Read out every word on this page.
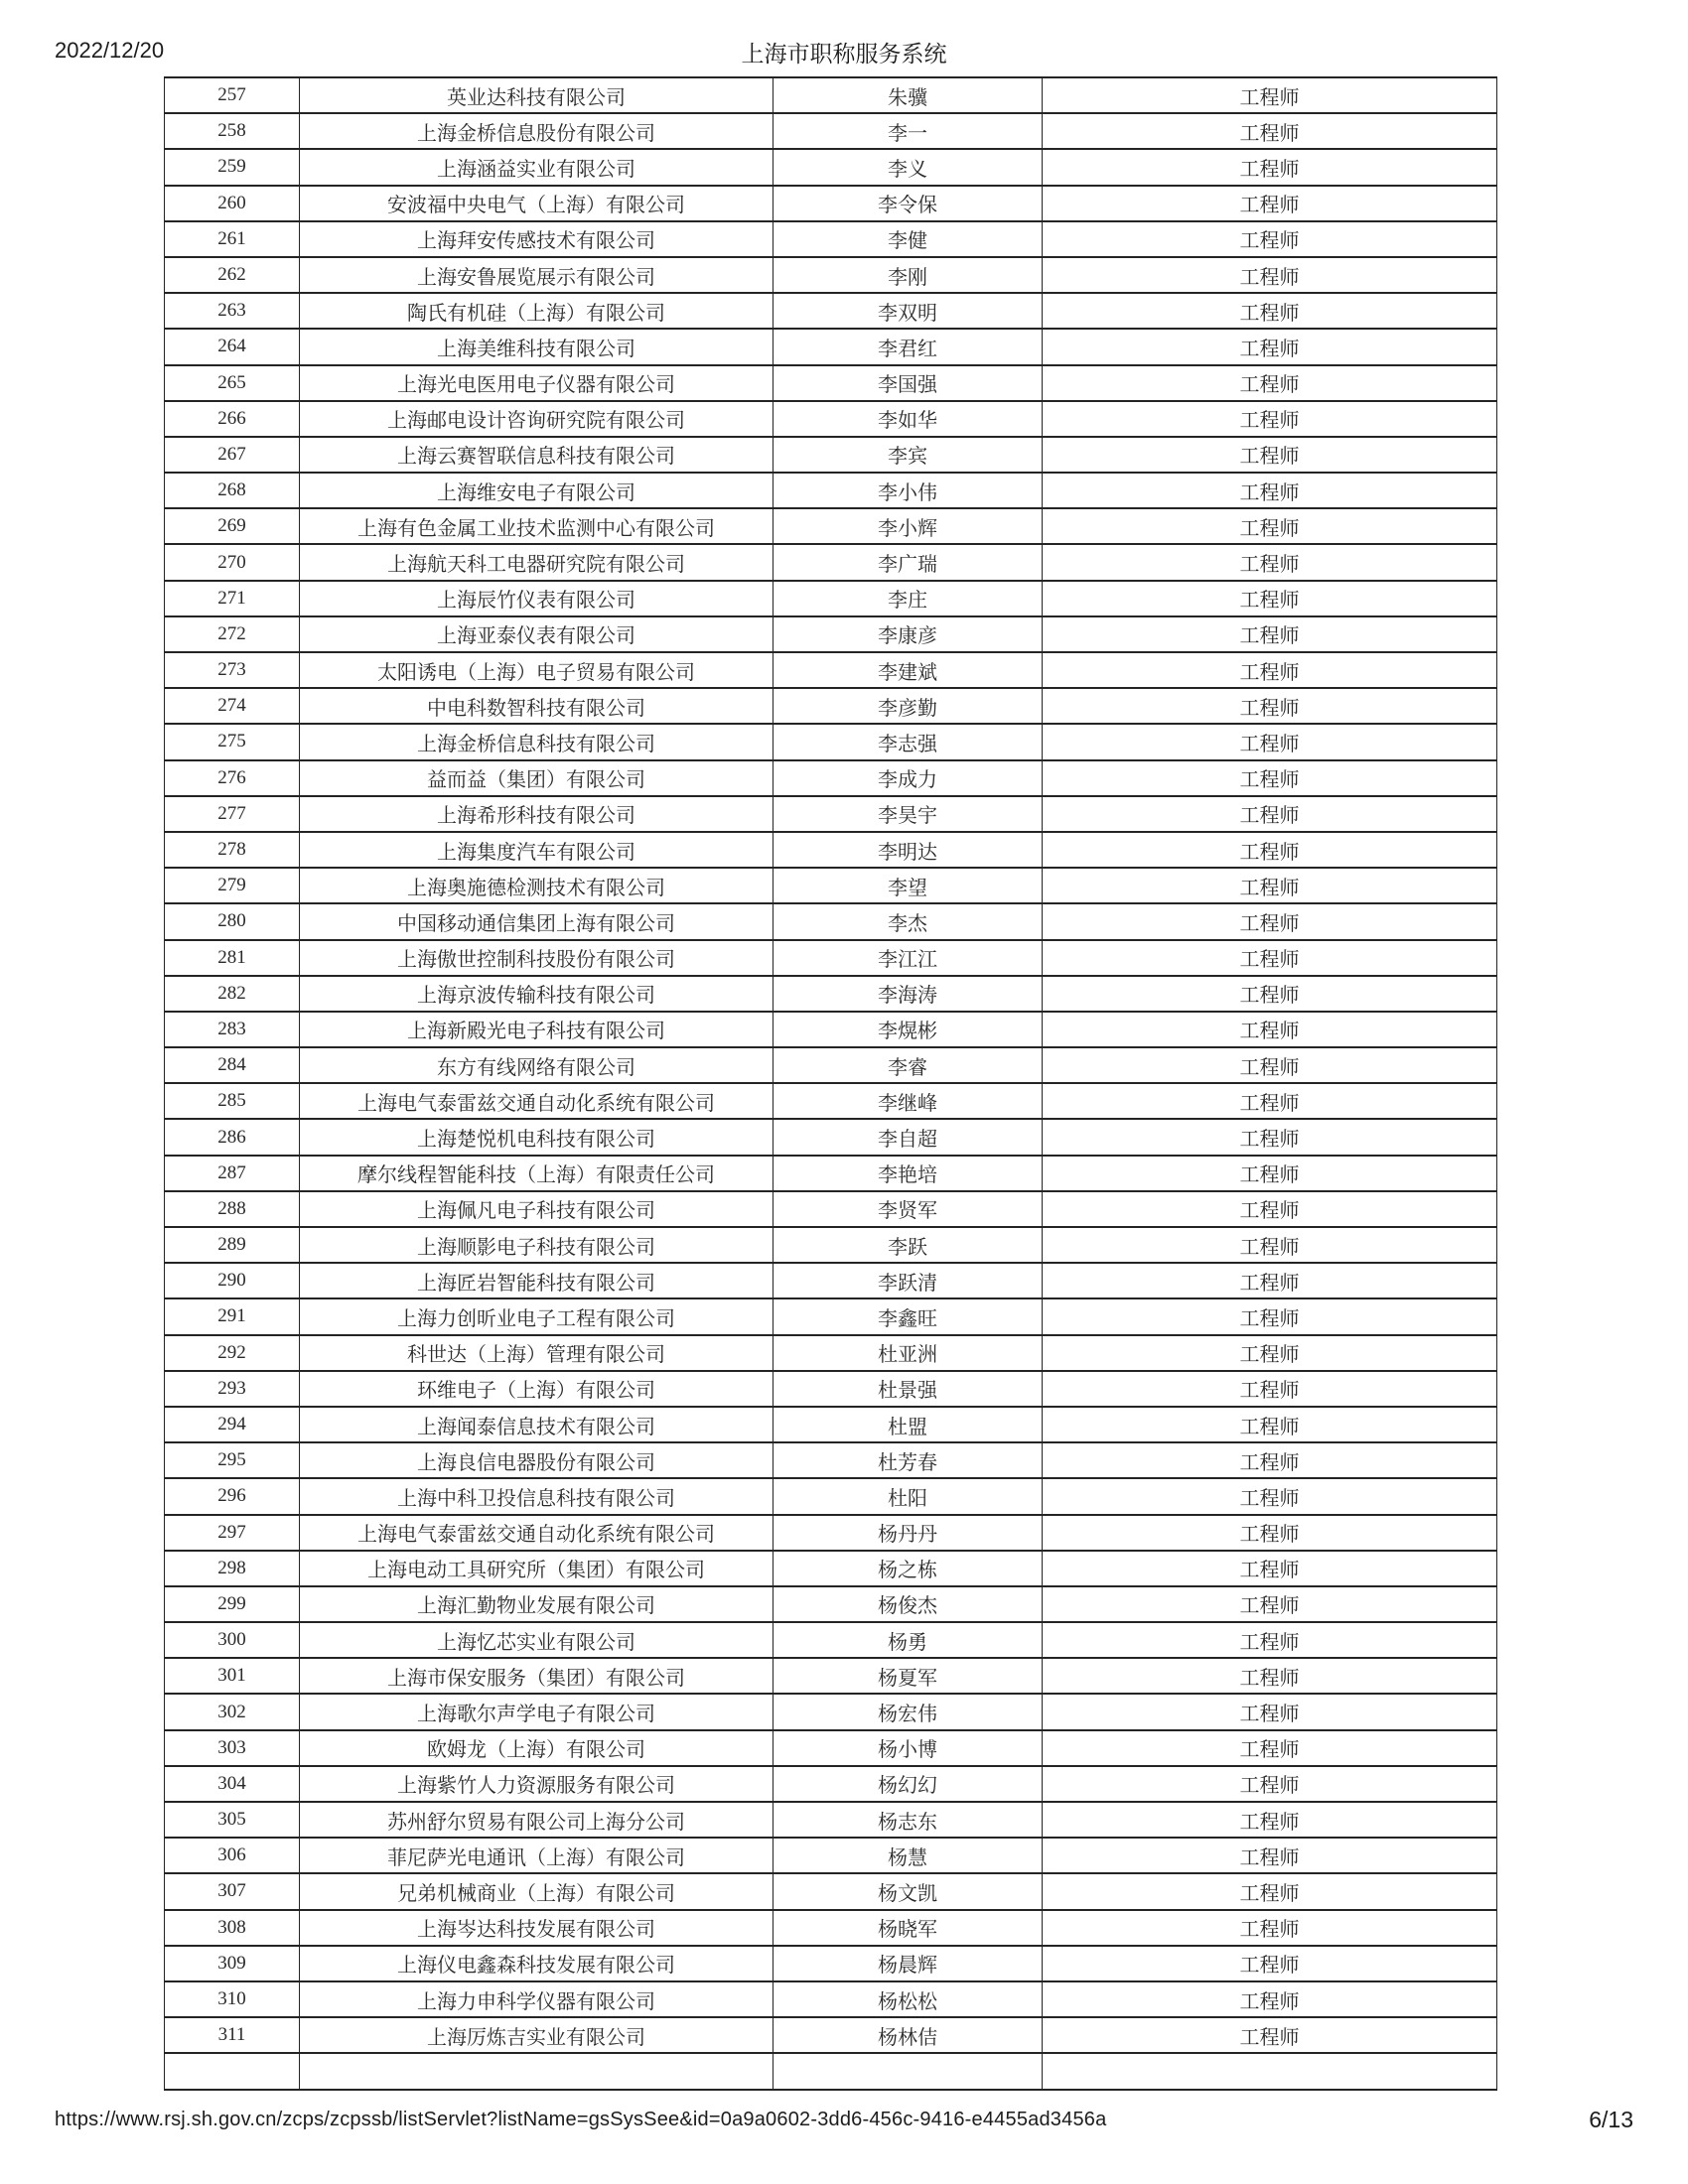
2022/12/20	上海市职称服务系统
257	英业达科技有限公司	朱骥	工程师
258	上海金桥信息股份有限公司	李一	工程师
259	上海涵益实业有限公司	李义	工程师
260	安波福中央电气（上海）有限公司	李令保	工程师
261	上海拜安传感技术有限公司	李健	工程师
262	上海安鲁展览展示有限公司	李刚	工程师
263	陶氏有机硅（上海）有限公司	李双明	工程师
264	上海美维科技有限公司	李君红	工程师
265	上海光电医用电子仪器有限公司	李国强	工程师
266	上海邮电设计咨询研究院有限公司	李如华	工程师
267	上海云赛智联信息科技有限公司	李宾	工程师
268	上海维安电子有限公司	李小伟	工程师
269	上海有色金属工业技术监测中心有限公司	李小辉	工程师
270	上海航天科工电器研究院有限公司	李广瑞	工程师
271	上海辰竹仪表有限公司	李庄	工程师
272	上海亚泰仪表有限公司	李康彦	工程师
273	太阳诱电（上海）电子贸易有限公司	李建斌	工程师
274	中电科数智科技有限公司	李彦勤	工程师
275	上海金桥信息科技有限公司	李志强	工程师
276	益而益（集团）有限公司	李成力	工程师
277	上海希形科技有限公司	李昊宇	工程师
278	上海集度汽车有限公司	李明达	工程师
279	上海奥施德检测技术有限公司	李望	工程师
280	中国移动通信集团上海有限公司	李杰	工程师
281	上海傲世控制科技股份有限公司	李江江	工程师
282	上海京波传输科技有限公司	李海涛	工程师
283	上海新殿光电子科技有限公司	李熀彬	工程师
284	东方有线网络有限公司	李睿	工程师
285	上海电气泰雷兹交通自动化系统有限公司	李继峰	工程师
286	上海楚悦机电科技有限公司	李自超	工程师
287	摩尔线程智能科技（上海）有限责任公司	李艳培	工程师
288	上海佩凡电子科技有限公司	李贤军	工程师
289	上海顺影电子科技有限公司	李跃	工程师
290	上海匠岩智能科技有限公司	李跃清	工程师
291	上海力创昕业电子工程有限公司	李鑫旺	工程师
292	科世达（上海）管理有限公司	杜亚洲	工程师
293	环维电子（上海）有限公司	杜景强	工程师
294	上海闻泰信息技术有限公司	杜盟	工程师
295	上海良信电器股份有限公司	杜芳春	工程师
296	上海中科卫投信息科技有限公司	杜阳	工程师
297	上海电气泰雷兹交通自动化系统有限公司	杨丹丹	工程师
298	上海电动工具研究所（集团）有限公司	杨之栋	工程师
299	上海汇勤物业发展有限公司	杨俊杰	工程师
300	上海忆芯实业有限公司	杨勇	工程师
301	上海市保安服务（集团）有限公司	杨夏军	工程师
302	上海歌尔声学电子有限公司	杨宏伟	工程师
303	欧姆龙（上海）有限公司	杨小博	工程师
304	上海紫竹人力资源服务有限公司	杨幻幻	工程师
305	苏州舒尔贸易有限公司上海分公司	杨志东	工程师
306	菲尼萨光电通讯（上海）有限公司	杨慧	工程师
307	兄弟机械商业（上海）有限公司	杨文凯	工程师
308	上海岑达科技发展有限公司	杨晓军	工程师
309	上海仪电鑫森科技发展有限公司	杨晨辉	工程师
310	上海力申科学仪器有限公司	杨松松	工程师
311	上海厉炼吉实业有限公司	杨林佶	工程师

https://www.rsj.sh.gov.cn/zcps/zcpssb/listServlet?listName=gsSysSee&id=0a9a0602-3dd6-456c-9416-e4455ad3456a	6/13
